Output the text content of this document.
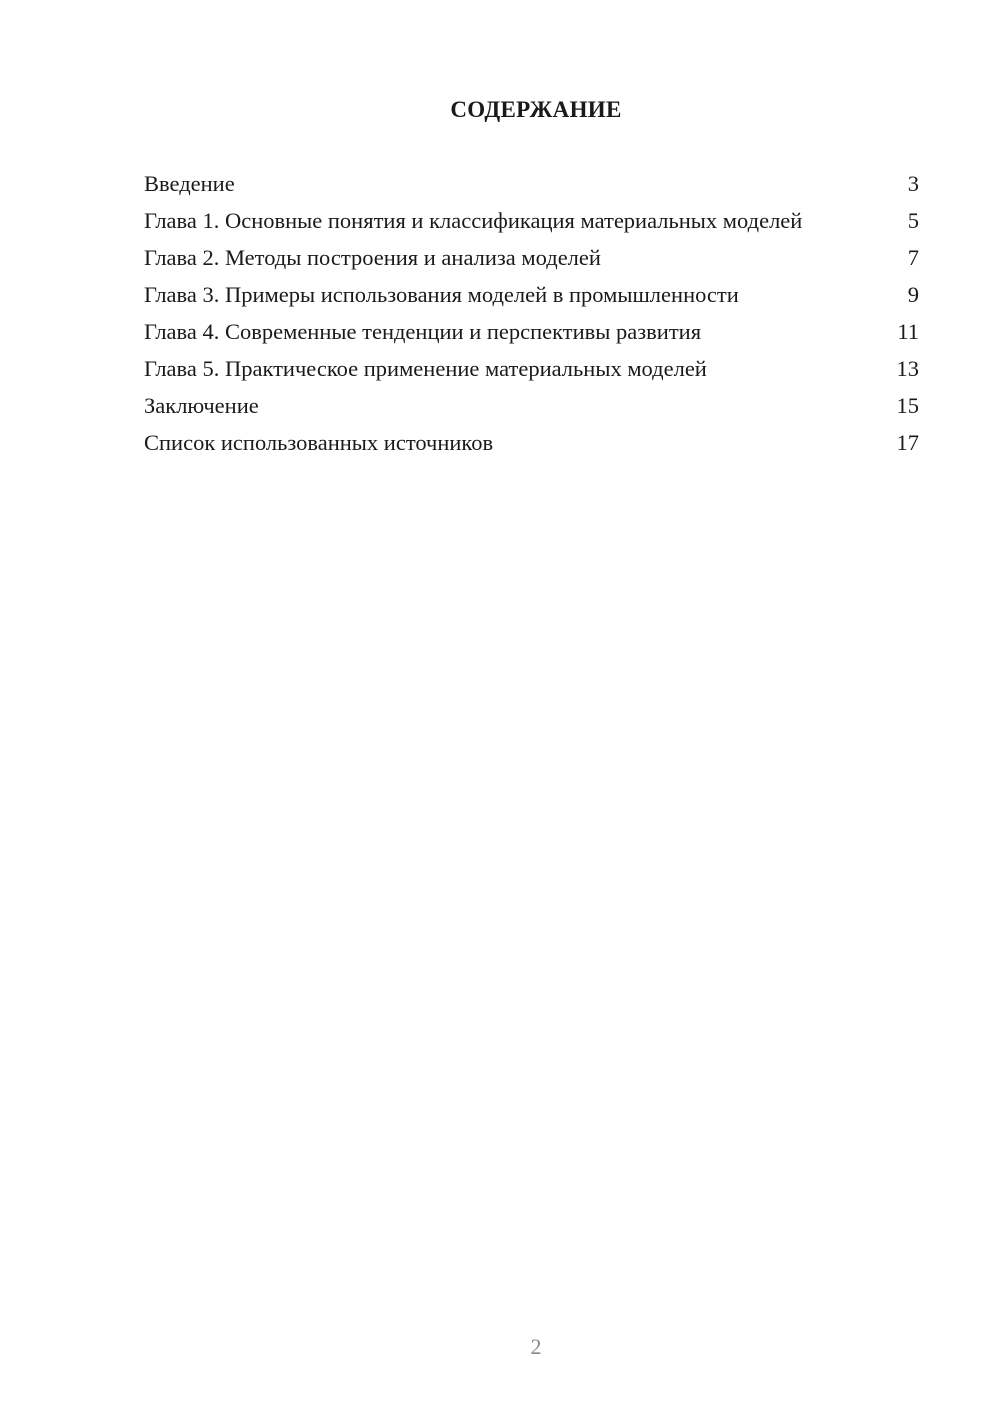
СОДЕРЖАНИЕ
Введение	3
Глава 1. Основные понятия и классификация материальных моделей	5
Глава 2. Методы построения и анализа моделей	7
Глава 3. Примеры использования моделей в промышленности	9
Глава 4. Современные тенденции и перспективы развития	11
Глава 5. Практическое применение материальных моделей	13
Заключение	15
Список использованных источников	17

2
